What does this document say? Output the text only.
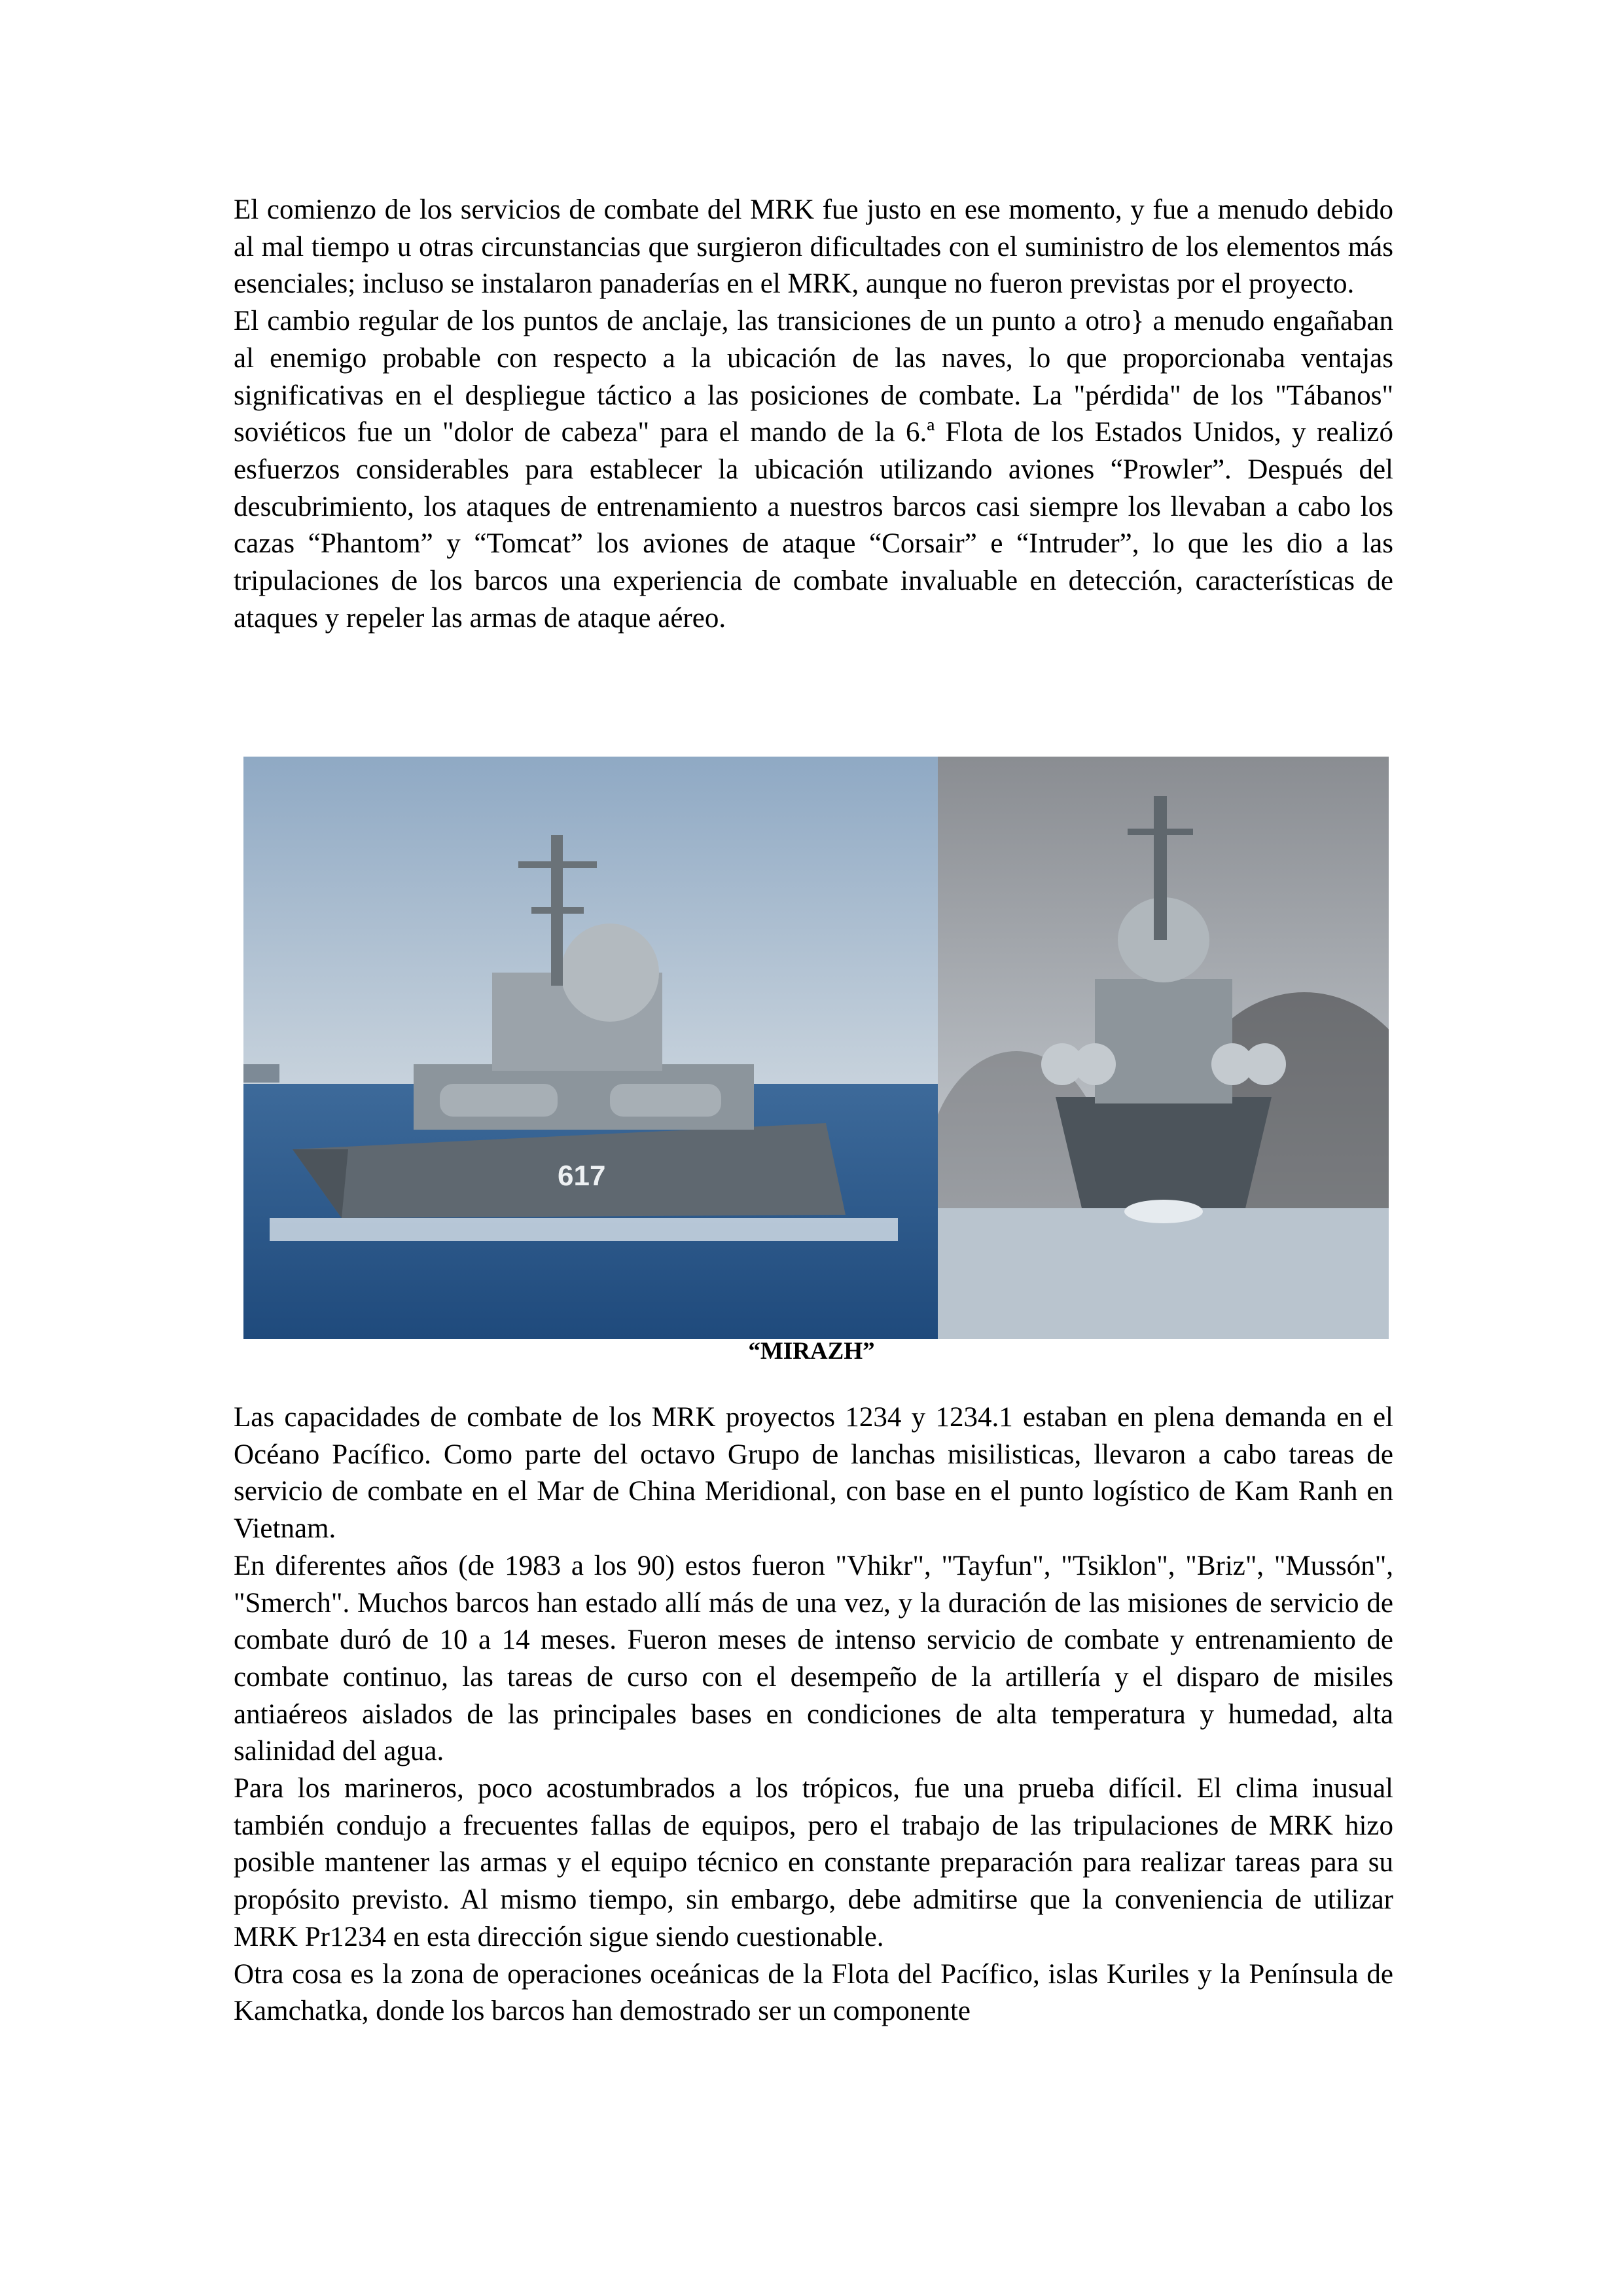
El comienzo de los servicios de combate del MRK fue justo en ese momento, y fue a menudo debido al mal tiempo u otras circunstancias que surgieron dificultades con el suministro de los elementos más esenciales; incluso se instalaron panaderías en el MRK, aunque no fueron previstas por el proyecto.

El cambio regular de los puntos de anclaje, las transiciones de un punto a otro} a menudo engañaban al enemigo probable con respecto a la ubicación de las naves, lo que proporcionaba ventajas significativas en el despliegue táctico a las posiciones de combate. La "pérdida" de los "Tábanos" soviéticos fue un "dolor de cabeza" para el mando de la 6.ª Flota de los Estados Unidos, y realizó esfuerzos considerables para establecer la ubicación utilizando aviones “Prowler”. Después del descubrimiento, los ataques de entrenamiento a nuestros barcos casi siempre los llevaban a cabo los cazas “Phantom” y “Tomcat” los aviones de ataque “Corsair” e “Intruder”, lo que les dio a las tripulaciones de los barcos una experiencia de combate invaluable en detección, características de ataques y repeler las armas de ataque aéreo.

617
“MIRAZH”

Las capacidades de combate de los MRK proyectos 1234 y 1234.1 estaban en plena demanda en el Océano Pacífico. Como parte del octavo Grupo de lanchas misilisticas, llevaron a cabo tareas de servicio de combate en el Mar de China Meridional, con base en el punto logístico de Kam Ranh en Vietnam.

En diferentes años (de 1983 a los 90) estos fueron "Vhikr", "Tayfun", "Tsiklon", "Briz", "Mussón", "Smerch". Muchos barcos han estado allí más de una vez, y la duración de las misiones de servicio de combate duró de 10 a 14 meses. Fueron meses de intenso servicio de combate y entrenamiento de combate continuo, las tareas de curso con el desempeño de la artillería y el disparo de misiles antiaéreos aislados de las principales bases en condiciones de alta temperatura y humedad, alta salinidad del agua.

Para los marineros, poco acostumbrados a los trópicos, fue una prueba difícil. El clima inusual también condujo a frecuentes fallas de equipos, pero el trabajo de las tripulaciones de MRK hizo posible mantener las armas y el equipo técnico en constante preparación para realizar tareas para su propósito previsto. Al mismo tiempo, sin embargo, debe admitirse que la conveniencia de utilizar MRK Pr1234 en esta dirección sigue siendo cuestionable.

Otra cosa es la zona de operaciones oceánicas de la Flota del Pacífico, islas Kuriles y la Península de Kamchatka, donde los barcos han demostrado ser un componente
